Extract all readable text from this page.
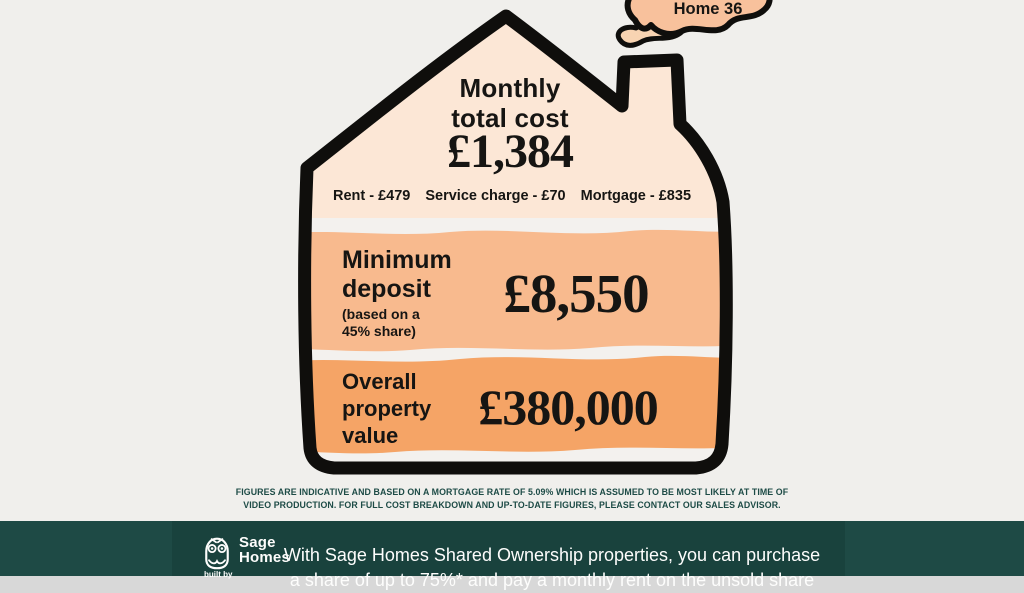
Home 36
Monthly
total cost
£1,384
Rent - £479 Service charge - £70 Mortgage - £835
Minimum
deposit
(based on a
45% share)
£8,550
Overall
property
value
£380,000
FIGURES ARE INDICATIVE AND BASED ON A MORTGAGE RATE OF 5.09% WHICH IS ASSUMED TO BE MOST LIKELY AT TIME OF
VIDEO PRODUCTION. FOR FULL COST BREAKDOWN AND UP-TO-DATE FIGURES, PLEASE CONTACT OUR SALES ADVISOR.
Sage
Homes
built by
With Sage Homes Shared Ownership properties, you can purchase
a share of up to 75%* and pay a monthly rent on the unsold share
